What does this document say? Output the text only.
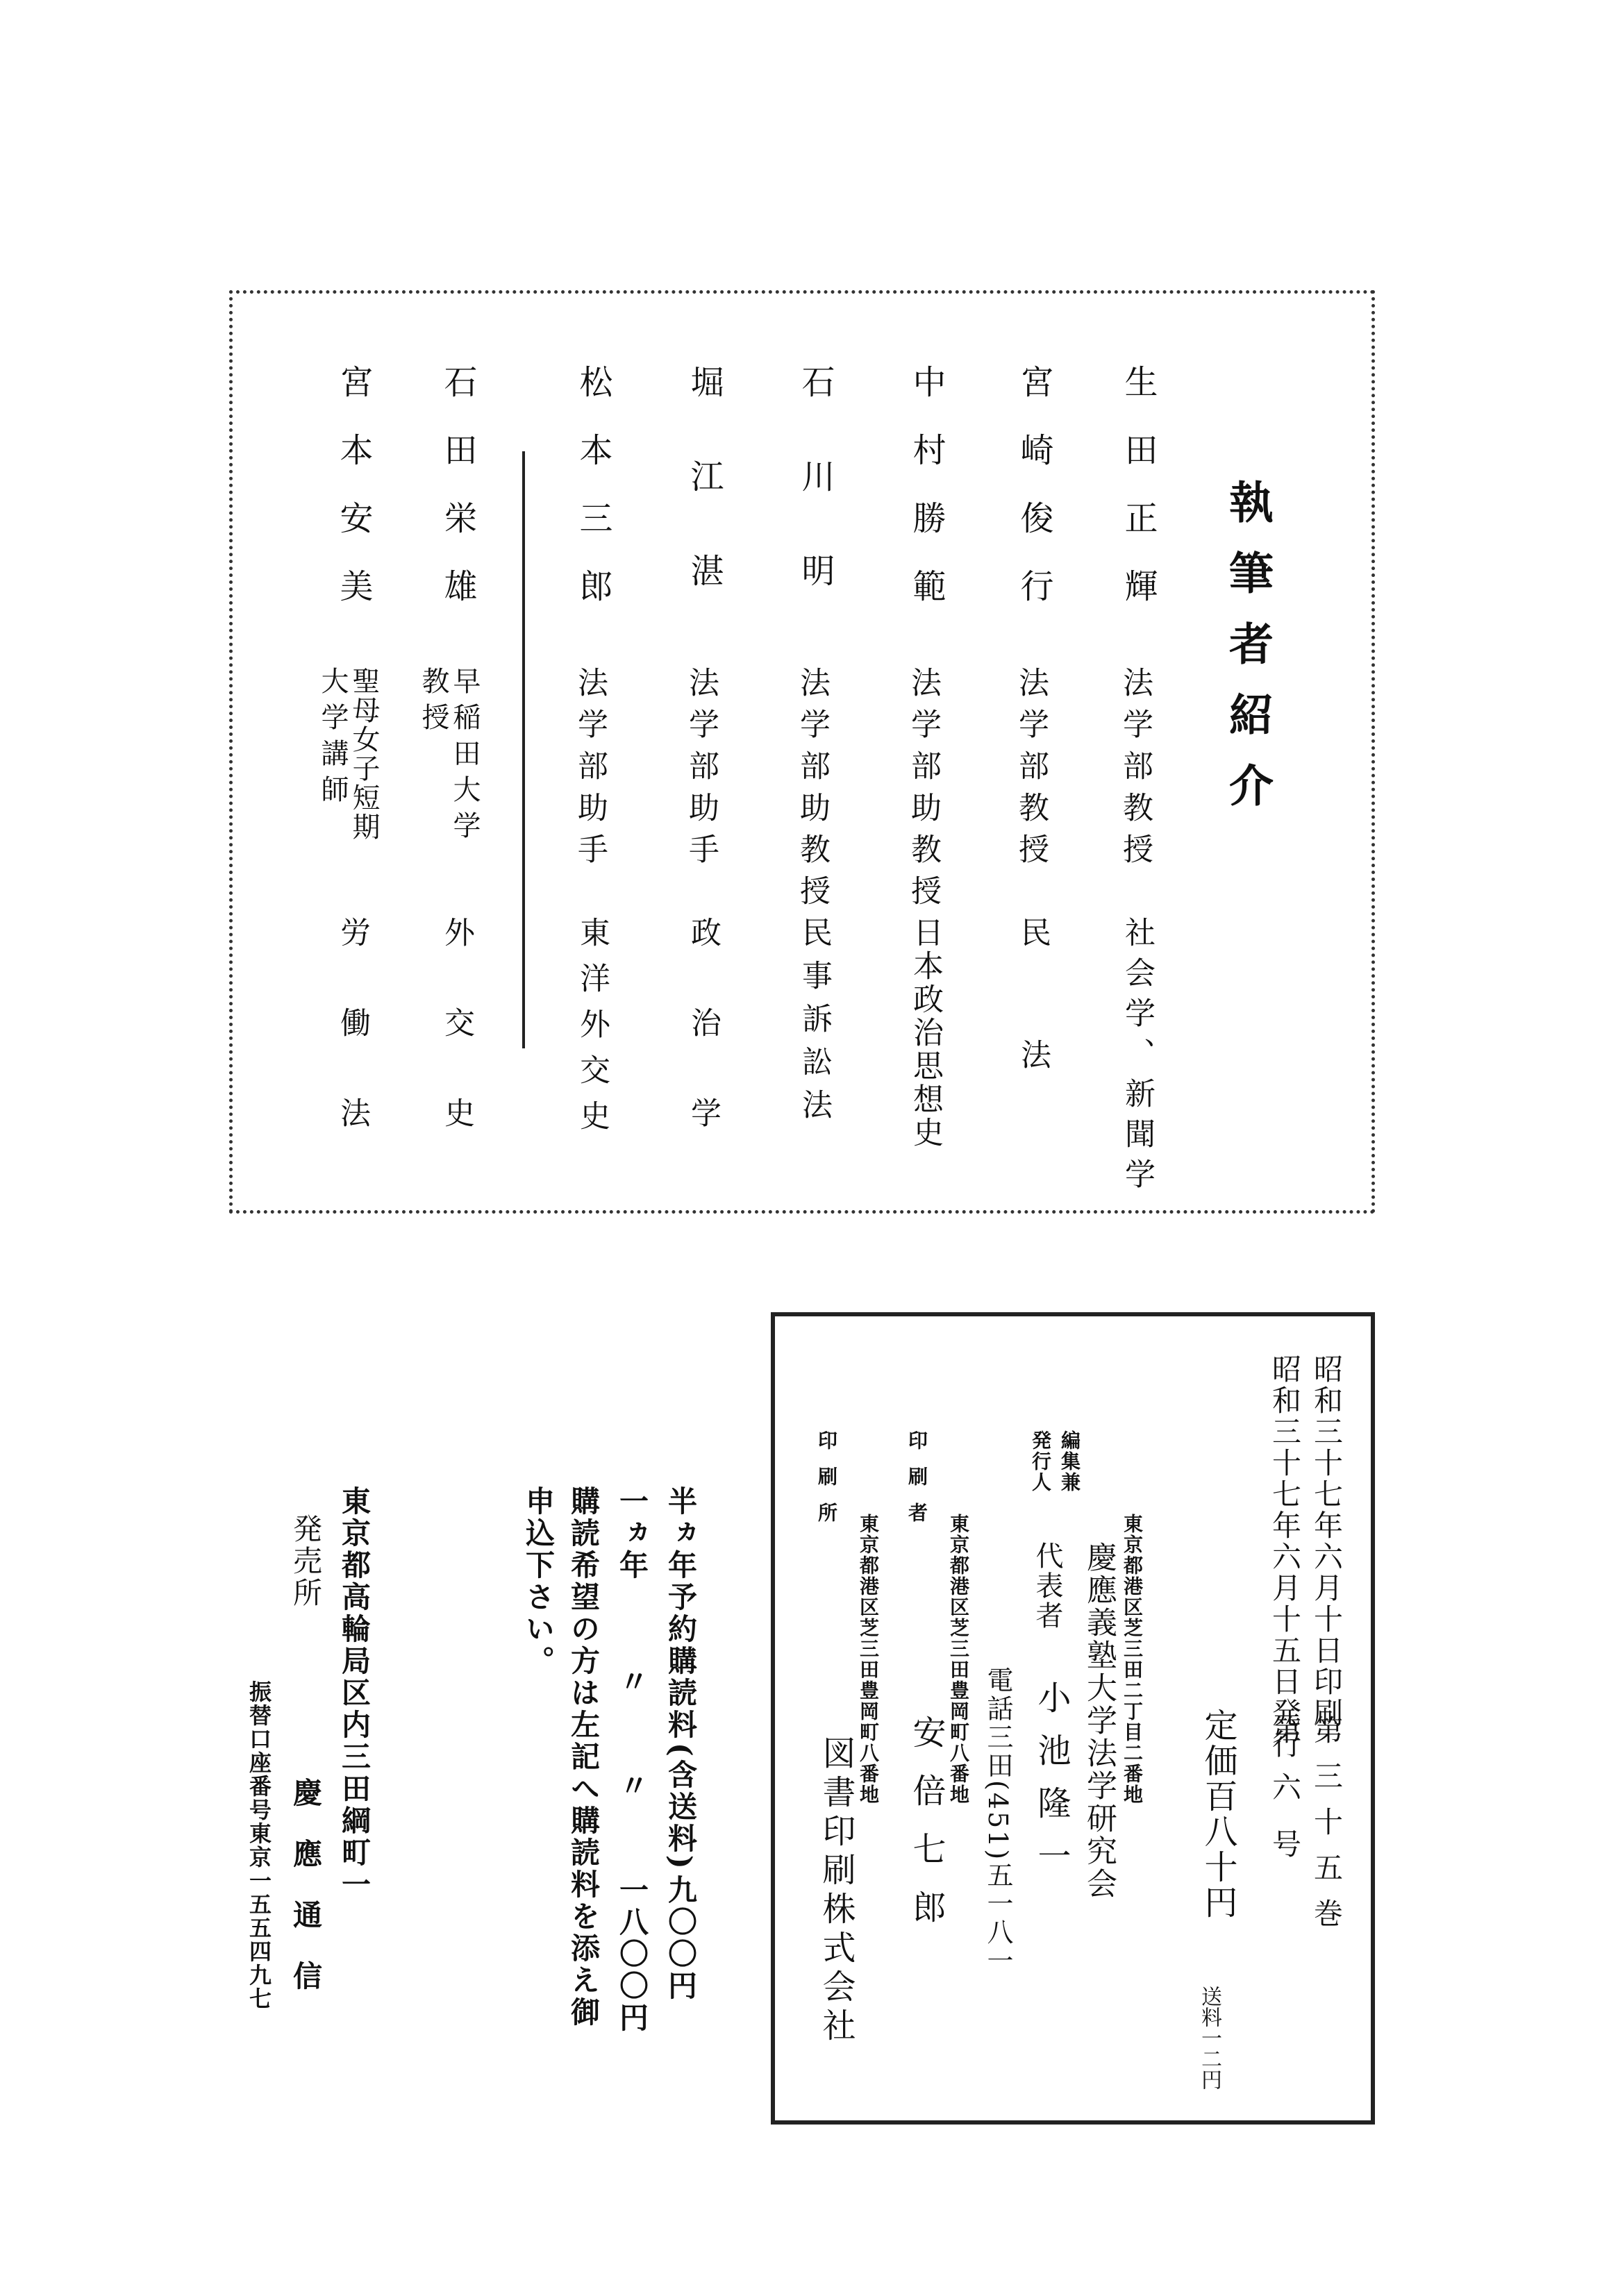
執筆者紹介
生田正輝
法学部教授
社会学、新聞学
宮崎俊行
法学部教授
民　　　法
中村勝範
法学部助教授
日本政治思想史
石川明
法学部助教授
民事訴訟法
堀江湛
法学部助手
政治学
松本三郎
法学部助手
東洋外交史
石田栄雄
早稲田大学
教授
外交史
宮本安美
聖母女子短期
大学講師
労働法
昭和三十七年六月十日印刷
昭和三十七年六月十五日発行
第三十五巻
第六号
定価百八十円
送料一二円
編集兼
発行人
東京都港区芝三田二丁目二番地
慶應義塾大学法学研究会
代表者
小池隆一
電話三田(451)五一八一
印刷者
東京都港区芝三田豊岡町八番地
安倍七郎
印刷所
東京都港区芝三田豊岡町八番地
図書印刷株式会社
半ヵ年予約購読料
(含送料)
九〇〇円
一ヵ年
〃
〃
一八〇〇円
購読希望の方は左記へ購読料を添え御
申込下さい。
東京都高輪局区内三田綱町一
発売所
慶應通信
振替口座番号東京一五五四九七
